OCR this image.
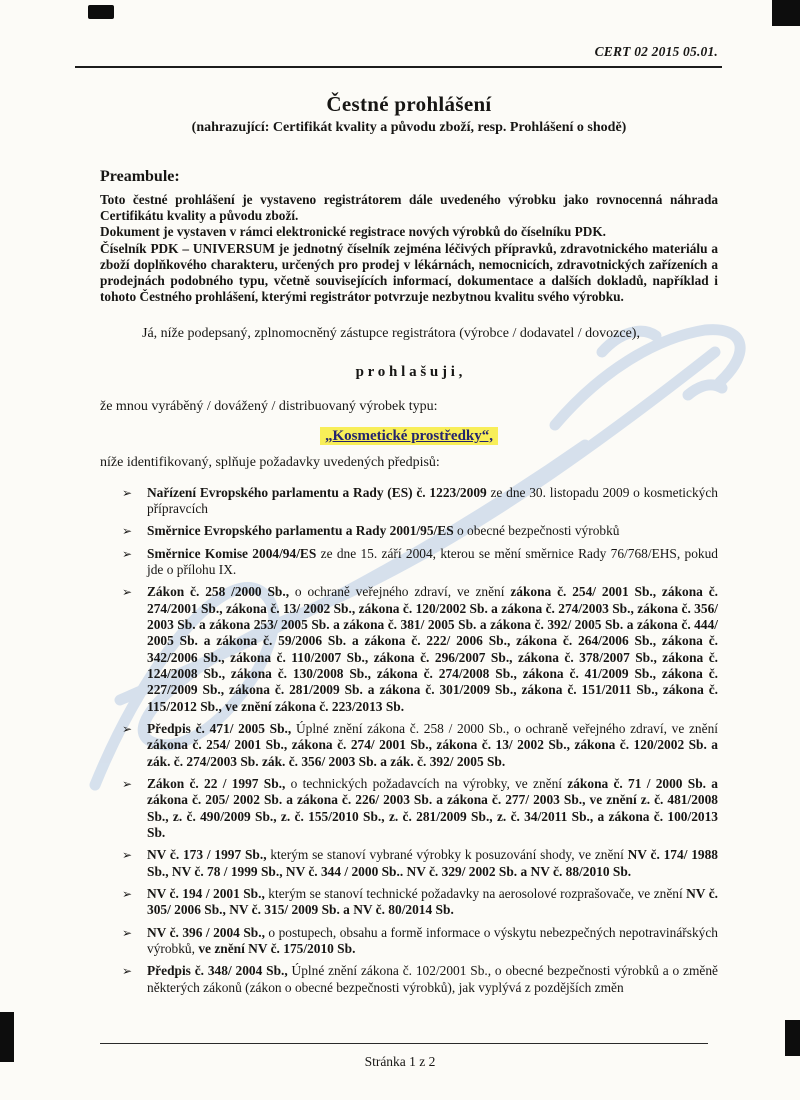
CERT 02 2015 05.01.
Čestné prohlášení
(nahrazující: Certifikát kvality a původu zboží, resp. Prohlášení o shodě)
Preambule:

Toto čestné prohlášení je vystaveno registrátorem dále uvedeného výrobku jako rovnocenná náhrada Certifikátu kvality a původu zboží.

Dokument je vystaven v rámci elektronické registrace nových výrobků do číselníku PDK.

Číselník PDK – UNIVERSUM je jednotný číselník zejména léčivých přípravků, zdravotnického materiálu a zboží doplňkového charakteru, určených pro prodej v lékárnách, nemocnicích, zdravotnických zařízeních a prodejnách podobného typu, včetně souvisejících informací, dokumentace a dalších dokladů, například i tohoto Čestného prohlášení, kterými registrátor potvrzuje nezbytnou kvalitu svého výrobku.

Já, níže podepsaný, zplnomocněný zástupce registrátora (výrobce / dodavatel / dovozce),
p r o h l a š u j i ,
že mnou vyráběný / dovážený / distribuovaný výrobek typu:
„Kosmetické prostředky“,
níže identifikovaný, splňuje požadavky uvedených předpisů:
➢	Nařízení Evropského parlamentu a Rady (ES) č. 1223/2009 ze dne 30. listopadu 2009 o kosmetických přípravcích
➢	Směrnice Evropského parlamentu a Rady 2001/95/ES o obecné bezpečnosti výrobků
➢	Směrnice Komise 2004/94/ES ze dne 15. září 2004, kterou se mění směrnice Rady 76/768/EHS, pokud jde o přílohu IX.
➢	Zákon č. 258 /2000 Sb., o ochraně veřejného zdraví, ve znění zákona č. 254/ 2001 Sb., zákona č. 274/2001 Sb., zákona č. 13/ 2002 Sb., zákona č. 120/2002 Sb. a zákona č. 274/2003 Sb., zákona č. 356/ 2003 Sb. a zákona 253/ 2005 Sb. a zákona č. 381/ 2005 Sb. a zákona č. 392/ 2005 Sb. a zákona č. 444/ 2005 Sb. a zákona č. 59/2006 Sb. a zákona č. 222/ 2006 Sb., zákona č. 264/2006 Sb., zákona č. 342/2006 Sb., zákona č. 110/2007 Sb., zákona č. 296/2007 Sb., zákona č. 378/2007 Sb., zákona č. 124/2008 Sb., zákona č. 130/2008 Sb., zákona č. 274/2008 Sb., zákona č. 41/2009 Sb., zákona č. 227/2009 Sb., zákona č. 281/2009 Sb. a zákona č. 301/2009 Sb., zákona č. 151/2011 Sb., zákona č. 115/2012 Sb., ve znění zákona č. 223/2013 Sb.
➢	Předpis č. 471/ 2005 Sb., Úplné znění zákona č. 258 / 2000 Sb., o ochraně veřejného zdraví, ve znění zákona č. 254/ 2001 Sb., zákona č. 274/ 2001 Sb., zákona č. 13/ 2002 Sb., zákona č. 120/2002 Sb. a zák. č. 274/2003 Sb. zák. č. 356/ 2003 Sb. a zák. č. 392/ 2005 Sb.
➢	Zákon č. 22 / 1997 Sb., o technických požadavcích na výrobky, ve znění zákona č. 71 / 2000 Sb. a zákona č. 205/ 2002 Sb. a zákona č. 226/ 2003 Sb. a zákona č. 277/ 2003 Sb., ve znění z. č. 481/2008 Sb., z. č. 490/2009 Sb., z. č. 155/2010 Sb., z. č. 281/2009 Sb., z. č. 34/2011 Sb., a zákona č. 100/2013 Sb.
➢	NV č. 173 / 1997 Sb., kterým se stanoví vybrané výrobky k posuzování shody, ve znění NV č. 174/ 1988 Sb., NV č. 78 / 1999 Sb., NV č. 344 / 2000 Sb.. NV č. 329/ 2002 Sb. a NV č. 88/2010 Sb.
➢	NV č. 194 / 2001 Sb., kterým se stanoví technické požadavky na aerosolové rozprašovače, ve znění NV č. 305/ 2006 Sb., NV č. 315/ 2009 Sb. a NV č. 80/2014 Sb.
➢	NV č. 396 / 2004 Sb., o postupech, obsahu a formě informace o výskytu nebezpečných nepotravinářských výrobků, ve znění NV č. 175/2010 Sb.
➢	Předpis č. 348/ 2004 Sb., Úplné znění zákona č. 102/2001 Sb., o obecné bezpečnosti výrobků a o změně některých zákonů (zákon o obecné bezpečnosti výrobků), jak vyplývá z pozdějších změn
Stránka 1 z 2
